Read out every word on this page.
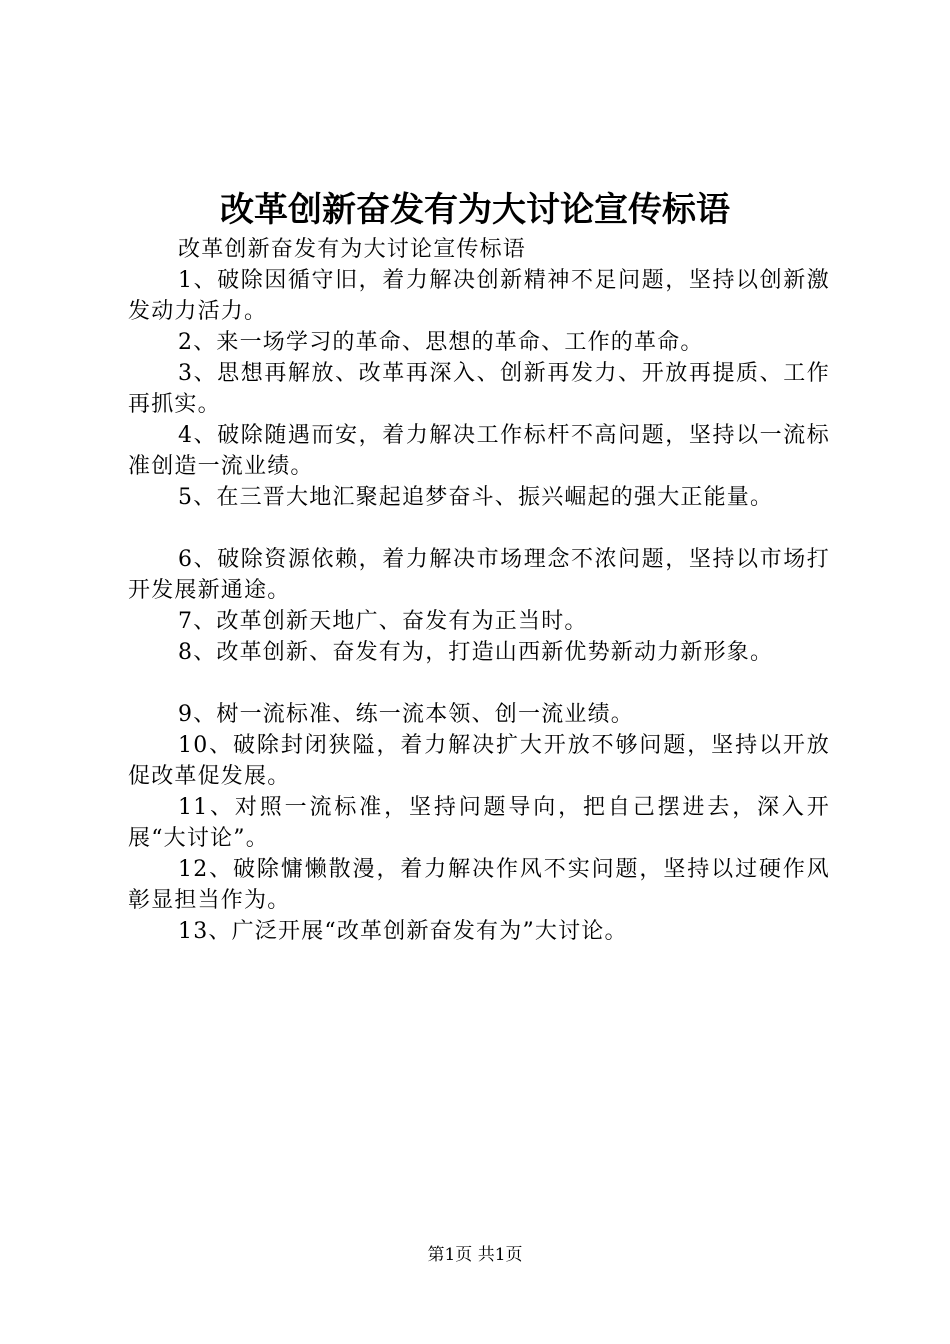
改革创新奋发有为大讨论宣传标语

改革创新奋发有为大讨论宣传标语

1、破除因循守旧，着力解决创新精神不足问题，坚持以创新激发动力活力。

2、来一场学习的革命、思想的革命、工作的革命。

3、思想再解放、改革再深入、创新再发力、开放再提质、工作再抓实。

4、破除随遇而安，着力解决工作标杆不高问题，坚持以一流标准创造一流业绩。

5、在三晋大地汇聚起追梦奋斗、振兴崛起的强大正能量。

6、破除资源依赖，着力解决市场理念不浓问题，坚持以市场打开发展新通途。

7、改革创新天地广、奋发有为正当时。

8、改革创新、奋发有为，打造山西新优势新动力新形象。

9、树一流标准、练一流本领、创一流业绩。

10、破除封闭狭隘，着力解决扩大开放不够问题，坚持以开放促改革促发展。

11、对照一流标准，坚持问题导向，把自己摆进去，深入开展“大讨论”。

12、破除慵懒散漫，着力解决作风不实问题，坚持以过硬作风彰显担当作为。

13、广泛开展“改革创新奋发有为”大讨论。

第1页 共1页
